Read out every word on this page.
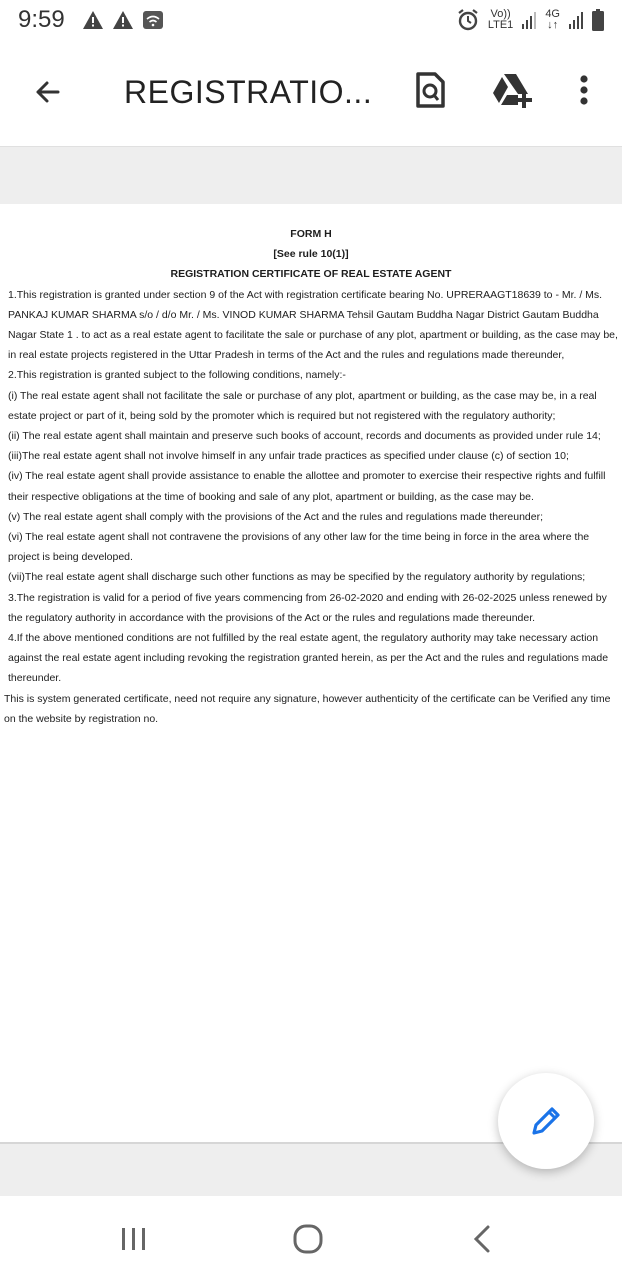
9:59	Vo))
LTE1
4G
↓↑
REGISTRATIO...
FORM H
[See rule 10(1)]
REGISTRATION CERTIFICATE OF REAL ESTATE AGENT

1.This registration is granted under section 9 of the Act with registration certificate bearing No. UPRERAAGT18639 to - Mr. / Ms. PANKAJ KUMAR SHARMA s/o / d/o Mr. / Ms. VINOD KUMAR SHARMA Tehsil Gautam Buddha Nagar District Gautam Buddha Nagar State 1 . to act as a real estate agent to facilitate the sale or purchase of any plot, apartment or building, as the case may be, in real estate projects registered in the Uttar Pradesh in terms of the Act and the rules and regulations made thereunder,

2.This registration is granted subject to the following conditions, namely:-

(i) The real estate agent shall not facilitate the sale or purchase of any plot, apartment or building, as the case may be, in a real estate project or part of it, being sold by the promoter which is required but not registered with the regulatory authority;

(ii) The real estate agent shall maintain and preserve such books of account, records and documents as provided under rule 14;

(iii)The real estate agent shall not involve himself in any unfair trade practices as specified under clause (c) of section 10;

(iv) The real estate agent shall provide assistance to enable the allottee and promoter to exercise their respective rights and fulfill their respective obligations at the time of booking and sale of any plot, apartment or building, as the case may be.

(v) The real estate agent shall comply with the provisions of the Act and the rules and regulations made thereunder;

(vi) The real estate agent shall not contravene the provisions of any other law for the time being in force in the area where the project is being developed.

(vii)The real estate agent shall discharge such other functions as may be specified by the regulatory authority by regulations;

3.The registration is valid for a period of five years commencing from 26-02-2020 and ending with 26-02-2025 unless renewed by the regulatory authority in accordance with the provisions of the Act or the rules and regulations made thereunder.

4.If the above mentioned conditions are not fulfilled by the real estate agent, the regulatory authority may take necessary action against the real estate agent including revoking the registration granted herein, as per the Act and the rules and regulations made thereunder.

This is system generated certificate, need not require any signature, however authenticity of the certificate can be Verified any time on the website by registration no.
